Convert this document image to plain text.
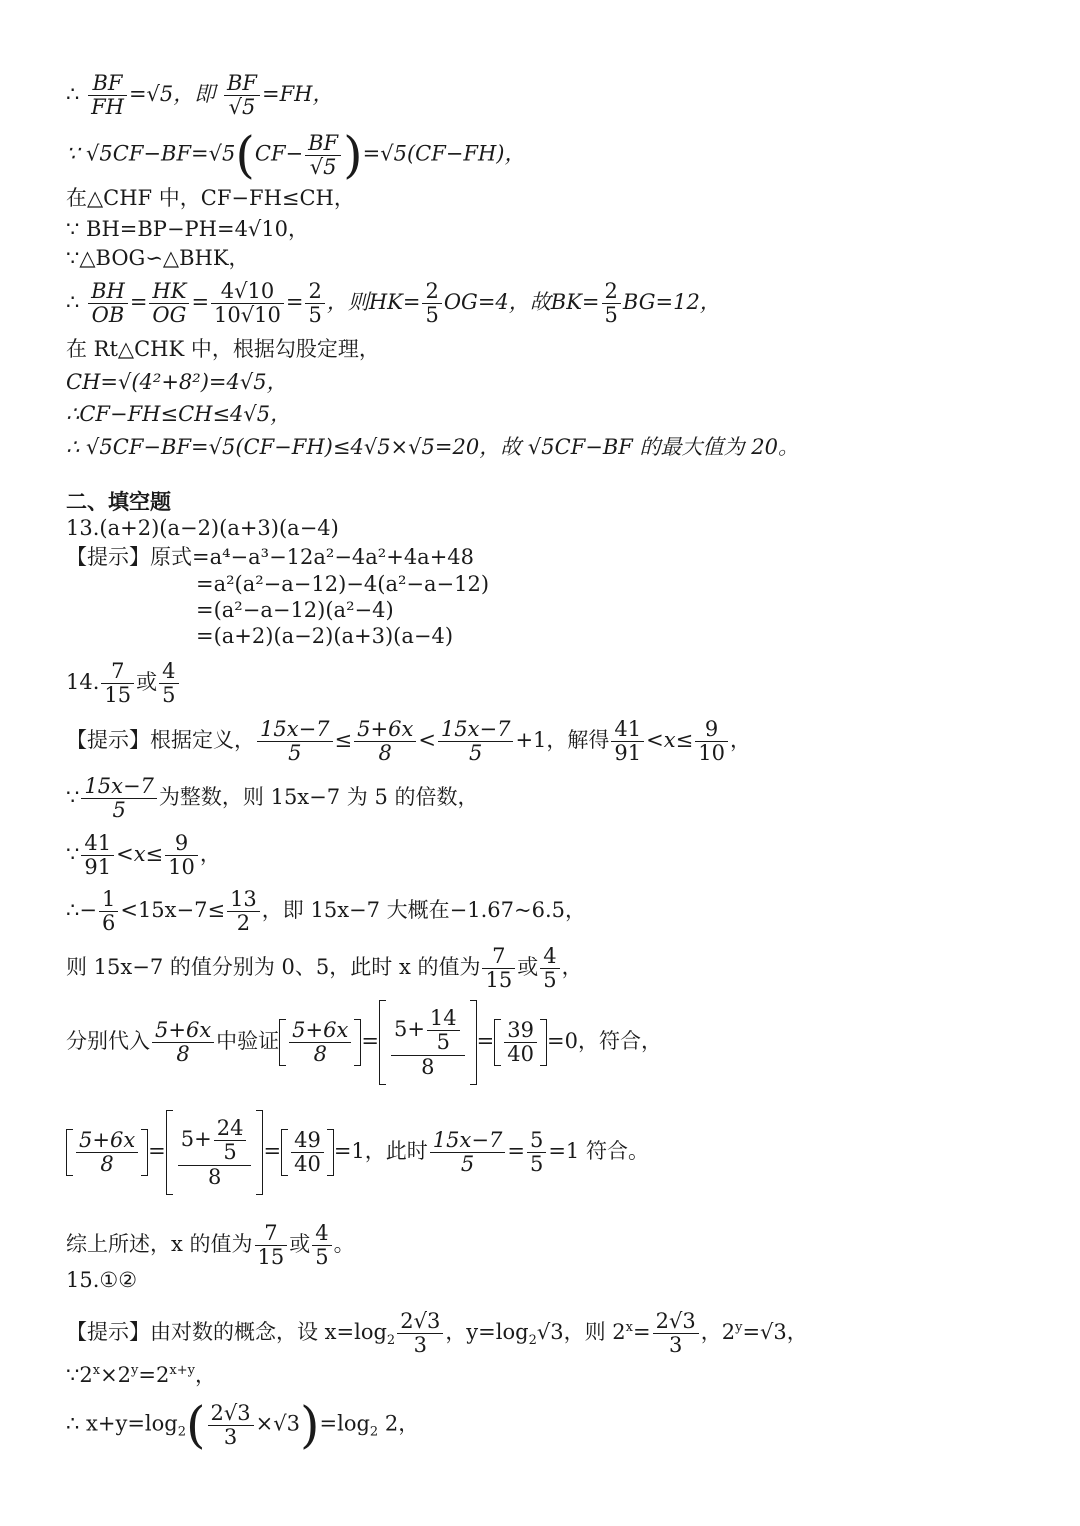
∴ $\frac{BF}{FH} =√5$，即 $\frac{BF}{√5} =FH$，
∵ $√5CF-BF=√5(CF- \frac{BF}{√5} )=√5(CF-FH)$，
在△CHF 中，CF−FH≤CH，
∵ BH=BP−PH=4√10，
∵△BOG∽△BHK，
∴ $\frac{BH}{OB} = \frac{HK}{OG} = \frac{4√10}{10√10} = \frac{2}{5}$ ，则$HK= \frac{2}{5} OG=4$，故$BK= \frac{2}{5} BG=12$，
在 Rt△CHK 中，根据勾股定理，
CH=√(4²+8²)=4√5，
∴CF−FH≤CH≤4√5，
∴ √5CF−BF=√5(CF−FH)≤4√5×√5=20，故 √5CF−BF 的最大值为 20。
二、填空题
13.(a+2)(a−2)(a+3)(a−4)
【提示】原式=a⁴−a³−12a²−4a²+4a+48
=a²(a²−a−12)−4(a²−a−12)
=(a²−a−12)(a²−4)
=(a+2)(a−2)(a+3)(a−4)
14. $\frac{7}{15}$ 或 $\frac{4}{5}$
【提示】根据定义， $\frac{15x-7}{5} \le \frac{5+6x}{8} < \frac{15x-7}{5} +1$，解得 $\frac{41}{91} <x\le \frac{9}{10}$ ，
∵ $\frac{15x-7}{5}$ 为整数，则 15x−7 为 5 的倍数，
∵ $\frac{41}{91} <x\le \frac{9}{10}$ ，
∴− $\frac{1}{6} <15x-7\le \frac{13}{2}$ ，即 15x−7 大概在−1.67~6.5，
则 15x−7 的值分别为 0、5，此时 x 的值为 $\frac{7}{15}$ 或 $\frac{4}{5}$ ，
分别代入 $\frac{5+6x}{8}$ 中验证 $\frac{5+6x}{8} = \frac{5+ \frac{14}{5}}{8} = \frac{39}{40} =0$，符合，
$\frac{5+6x}{8} = \frac{5+ \frac{24}{5}}{8} = \frac{49}{40} =1$，此时 $\frac{15x-7}{5} = \frac{5}{5} =1$ 符合。
综上所述，x 的值为 $\frac{7}{15}$ 或 $\frac{4}{5}$ 。
15.①②
【提示】由对数的概念，设 $x=\log_2 \frac{2√3}{3}$ ，$y=\log_2√3$，则 $2^x= \frac{2√3}{3}$ ，$2^y=√3$，
$\because 2^x\times 2^y=2^{x+y}$，
∴ $x+y=\log_2( \frac{2√3}{3} \times√3)=\log_2$ 2，
